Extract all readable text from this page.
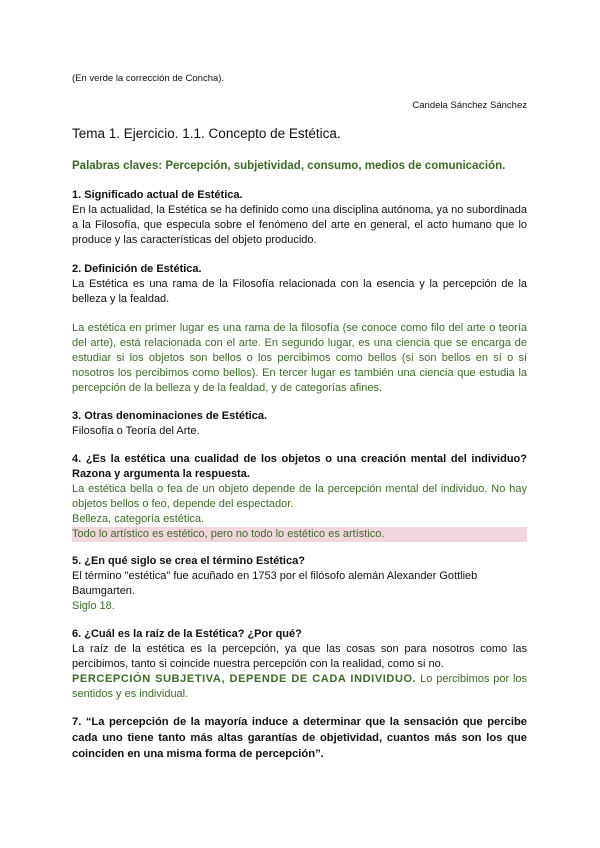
(En verde la corrección de Concha).

Candela Sánchez Sánchez

Tema 1. Ejercicio. 1.1. Concepto de Estética.

Palabras claves: Percepción, subjetividad, consumo, medios de comunicación.

1. Significado actual de Estética.

En la actualidad, la Estética se ha definido como una disciplina autónoma, ya no subordinada a la Filosofía, que especula sobre el fenómeno del arte en general, el acto humano que lo produce y las características del objeto producido.

2. Definición de Estética.

La Estética es una rama de la Filosofía relacionada con la esencia y la percepción de la belleza y la fealdad.

La estética en primer lugar es una rama de la filosofía (se conoce como filo del arte o teoría del arte), está relacionada con el arte. En segundo lugar, es una ciencia que se encarga de estudiar si los objetos son bellos o los percibimos como bellos (si son bellos en sí o sí nosotros los percibimos como bellos). En tercer lugar es también una ciencia que estudia la percepción de la belleza y de la fealdad, y de categorías afines.

3. Otras denominaciones de Estética.

Filosofía o Teoría del Arte.

4. ¿Es la estética una cualidad de los objetos o una creación mental del individuo? Razona y argumenta la respuesta.

La estética bella o fea de un objeto depende de la percepción mental del individuo. No hay objetos bellos o feo, depende del espectador.

Belleza, categoría estética.

Todo lo artístico es estético, pero no todo lo estético es artístico.

5. ¿En qué siglo se crea el término Estética?

El término "estética" fue acuñado en 1753 por el filósofo alemán Alexander Gottlieb Baumgarten.

Siglo 18.

6. ¿Cuál es la raíz de la Estética? ¿Por qué?

La raíz de la estética es la percepción, ya que las cosas son para nosotros como las percibimos, tanto si coincide nuestra percepción con la realidad, como si no.

PERCEPCIÓN SUBJETIVA, DEPENDE DE CADA INDIVIDUO. Lo percibimos por los sentidos y es individual.

7. “La percepción de la mayoría induce a determinar que la sensación que percibe cada uno tiene tanto más altas garantías de objetividad, cuantos más son los que coinciden en una misma forma de percepción”.
